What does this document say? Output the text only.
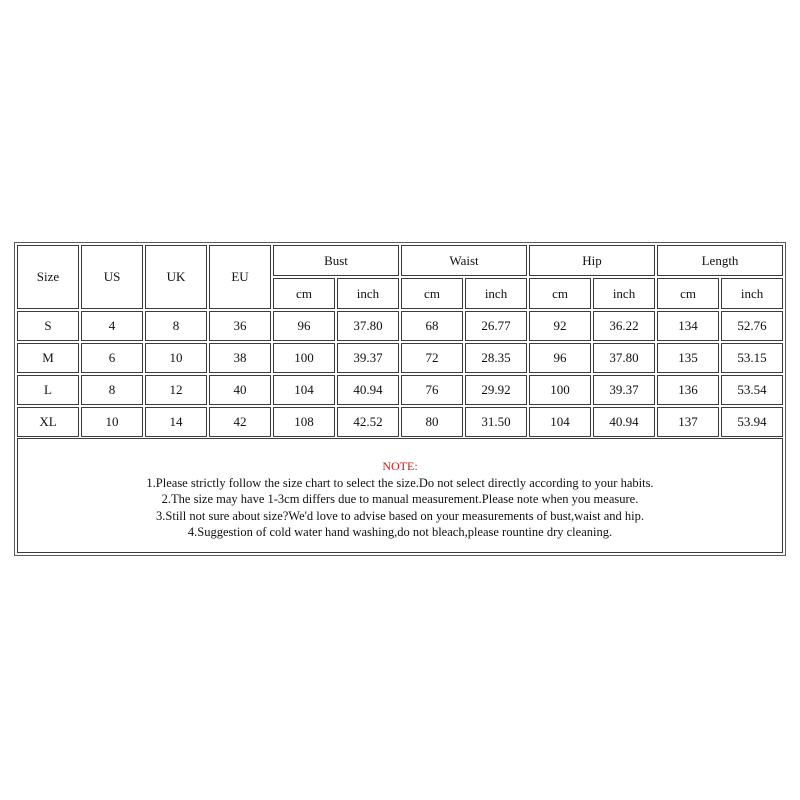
Size	US	UK	EU	Bust		Waist		Hip		Length	
				cm	inch	cm	inch	cm	inch	cm	inch
S	4	8	36	96	37.80	68	26.77	92	36.22	134	52.76
M	6	10	38	100	39.37	72	28.35	96	37.80	135	53.15
L	8	12	40	104	40.94	76	29.92	100	39.37	136	53.54
XL	10	14	42	108	42.52	80	31.50	104	40.94	137	53.94
NOTE:
1.Please strictly follow the size chart to select the size.Do not select directly according to your habits.
2.The size may have 1-3cm differs due to manual measurement.Please note when you measure.
3.Still not sure about size?We'd love to advise based on your measurements of bust,waist and hip.
4.Suggestion of cold water hand washing,do not bleach,please rountine dry cleaning.
